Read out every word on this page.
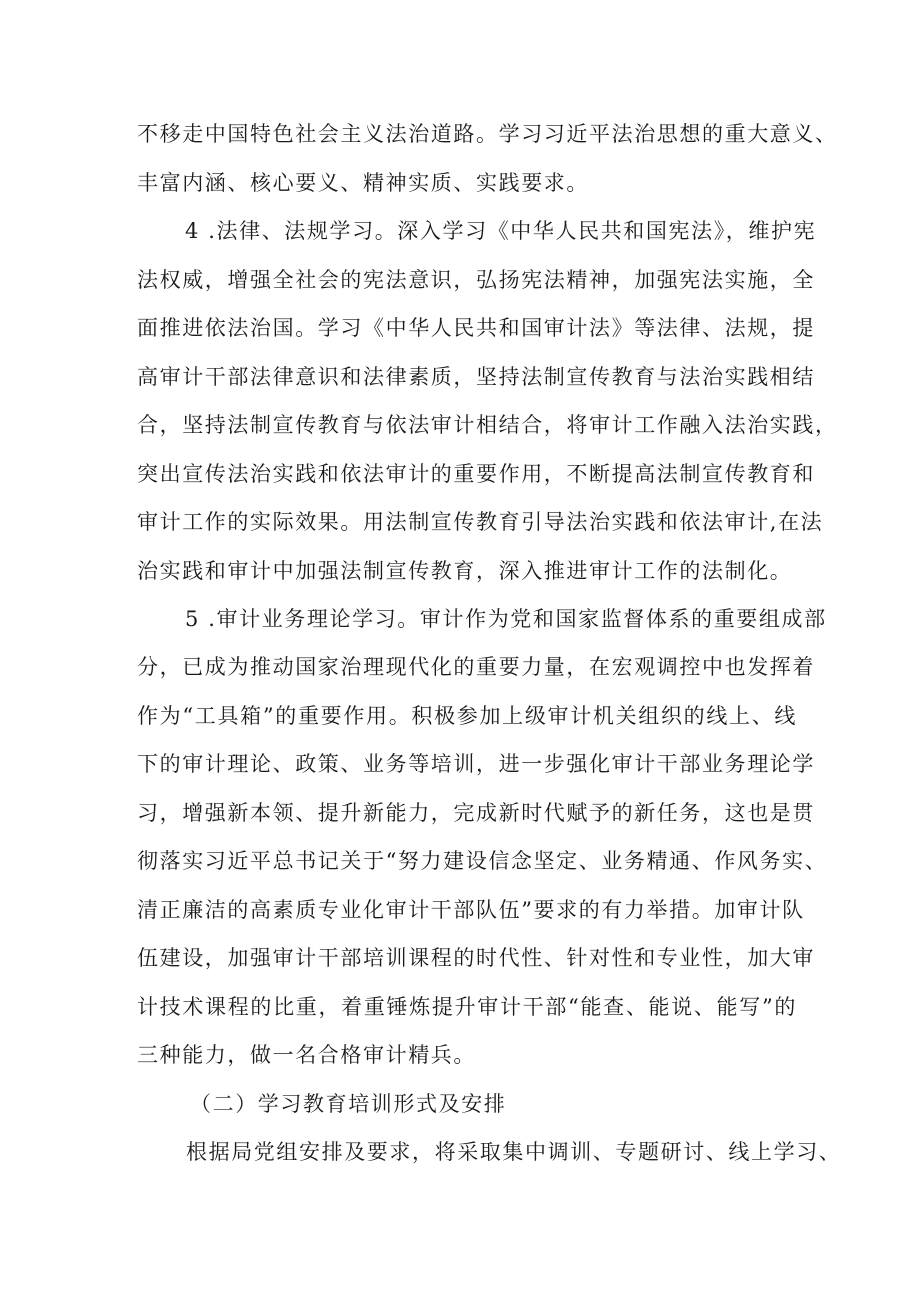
不移走中国特色社会主义法治道路。学习习近平法治思想的重大意义、
丰富内涵、核心要义、精神实质、实践要求。
4 .法律、法规学习。深入学习《中华人民共和国宪法》，维护宪
法权威，增强全社会的宪法意识，弘扬宪法精神，加强宪法实施，全
面推进依法治国。学习《中华人民共和国审计法》等法律、法规，提
高审计干部法律意识和法律素质，坚持法制宣传教育与法治实践相结
合，坚持法制宣传教育与依法审计相结合，将审计工作融入法治实践，
突出宣传法治实践和依法审计的重要作用，不断提高法制宣传教育和
审计工作的实际效果。用法制宣传教育引导法治实践和依法审计,在法
治实践和审计中加强法制宣传教育，深入推进审计工作的法制化。
5 .审计业务理论学习。审计作为党和国家监督体系的重要组成部
分，已成为推动国家治理现代化的重要力量，在宏观调控中也发挥着
作为“工具箱”的重要作用。积极参加上级审计机关组织的线上、线
下的审计理论、政策、业务等培训，进一步强化审计干部业务理论学
习，增强新本领、提升新能力，完成新时代赋予的新任务，这也是贯
彻落实习近平总书记关于“努力建设信念坚定、业务精通、作风务实、
清正廉洁的高素质专业化审计干部队伍”要求的有力举措。加审计队
伍建设，加强审计干部培训课程的时代性、针对性和专业性，加大审
计技术课程的比重，着重锤炼提升审计干部“能查、能说、能写”的
三种能力，做一名合格审计精兵。
（二）学习教育培训形式及安排
根据局党组安排及要求，将采取集中调训、专题研讨、线上学习、
